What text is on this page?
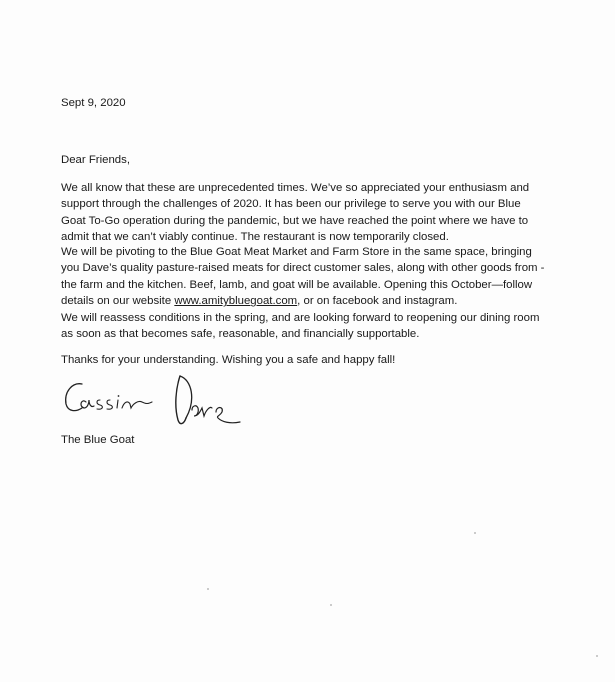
Sept 9, 2020

Dear Friends,

We all know that these are unprecedented times. We’ve so appreciated your enthusiasm and
support through the challenges of 2020. It has been our privilege to serve you with our Blue
Goat To-Go operation during the pandemic, but we have reached the point where we have to
admit that we can’t viably continue. The restaurant is now temporarily closed.
We will be pivoting to the Blue Goat Meat Market and Farm Store in the same space, bringing
you Dave’s quality pasture-raised meats for direct customer sales, along with other goods from -
the farm and the kitchen. Beef, lamb, and goat will be available. Opening this October—follow
details on our website www.amitybluegoat.com, or on facebook and instagram.
We will reassess conditions in the spring, and are looking forward to reopening our dining room
as soon as that becomes safe, reasonable, and financially supportable.

Thanks for your understanding. Wishing you a safe and happy fall!

The Blue Goat
